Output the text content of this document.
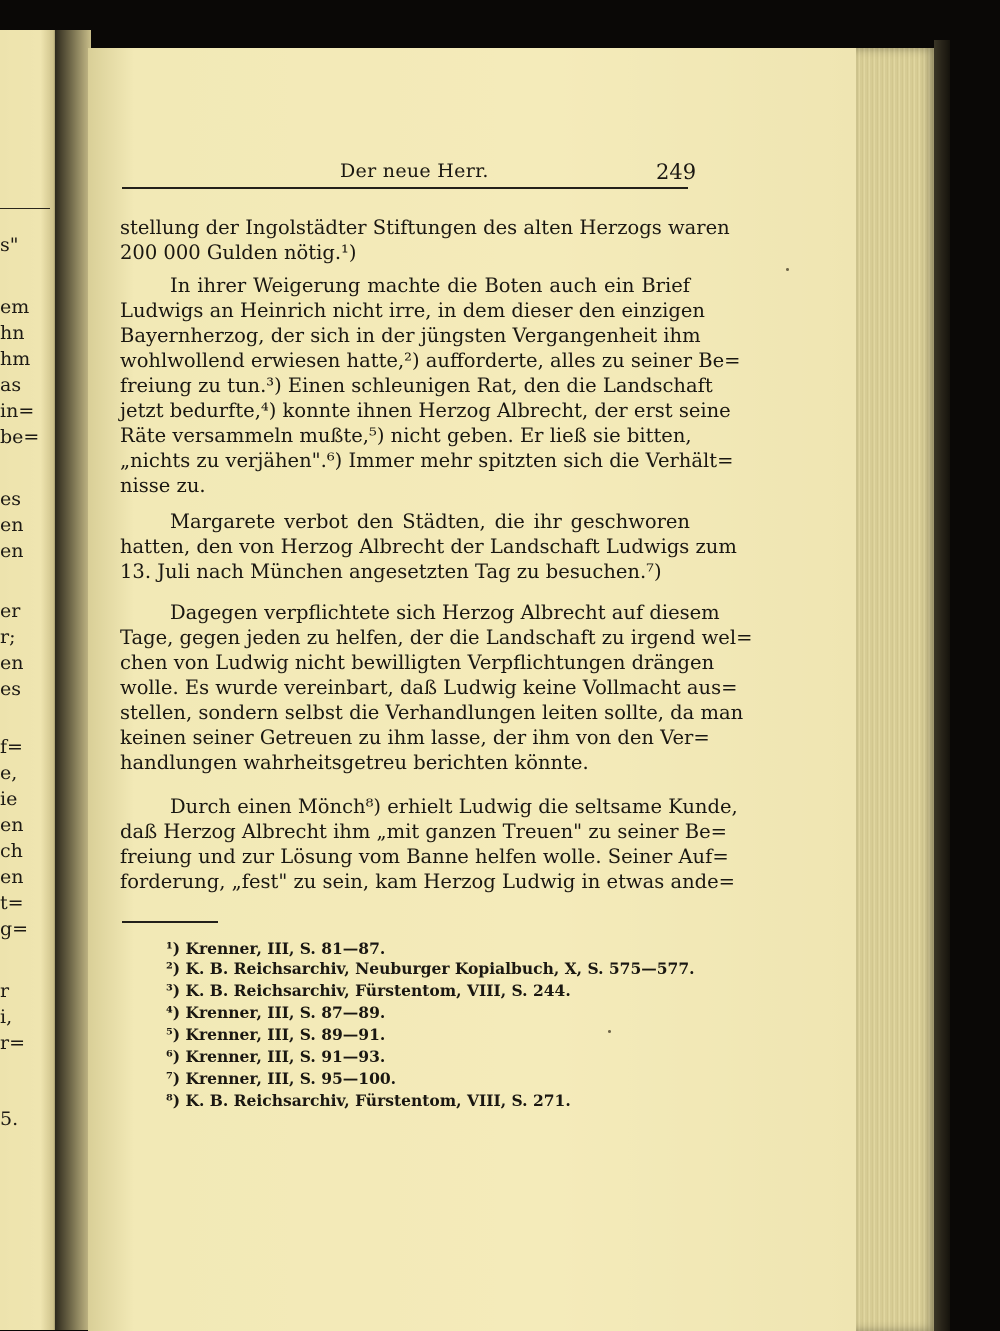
s"
em
hn
hm
as
in=
be=
es
en
en
er
r;
en
es
f=
e,
ie
en
ch
en
t=
g=
r
i,
r=
5.
Der neue Herr.	249
stellung der Ingolstädter Stiftungen des alten Herzogs waren
200 000 Gulden nötig.¹)
In ihrer Weigerung machte die Boten auch ein Brief
Ludwigs an Heinrich nicht irre, in dem dieser den einzigen
Bayernherzog, der sich in der jüngsten Vergangenheit ihm
wohlwollend erwiesen hatte,²) aufforderte, alles zu seiner Be=
freiung zu tun.³) Einen schleunigen Rat, den die Landschaft
jetzt bedurfte,⁴) konnte ihnen Herzog Albrecht, der erst seine
Räte versammeln mußte,⁵) nicht geben. Er ließ sie bitten,
„nichts zu verjähen".⁶) Immer mehr spitzten sich die Verhält=
nisse zu.
Margarete verbot den Städten, die ihr geschworen
hatten, den von Herzog Albrecht der Landschaft Ludwigs zum
13. Juli nach München angesetzten Tag zu besuchen.⁷)
Dagegen verpflichtete sich Herzog Albrecht auf diesem
Tage, gegen jeden zu helfen, der die Landschaft zu irgend wel=
chen von Ludwig nicht bewilligten Verpflichtungen drängen
wolle. Es wurde vereinbart, daß Ludwig keine Vollmacht aus=
stellen, sondern selbst die Verhandlungen leiten sollte, da man
keinen seiner Getreuen zu ihm lasse, der ihm von den Ver=
handlungen wahrheitsgetreu berichten könnte.
Durch einen Mönch⁸) erhielt Ludwig die seltsame Kunde,
daß Herzog Albrecht ihm „mit ganzen Treuen" zu seiner Be=
freiung und zur Lösung vom Banne helfen wolle. Seiner Auf=
forderung, „fest" zu sein, kam Herzog Ludwig in etwas ande=
¹) Krenner, III, S. 81—87.
²) K. B. Reichsarchiv, Neuburger Kopialbuch, X, S. 575—577.
³) K. B. Reichsarchiv, Fürstentom, VIII, S. 244.
⁴) Krenner, III, S. 87—89.
⁵) Krenner, III, S. 89—91.
⁶) Krenner, III, S. 91—93.
⁷) Krenner, III, S. 95—100.
⁸) K. B. Reichsarchiv, Fürstentom, VIII, S. 271.
